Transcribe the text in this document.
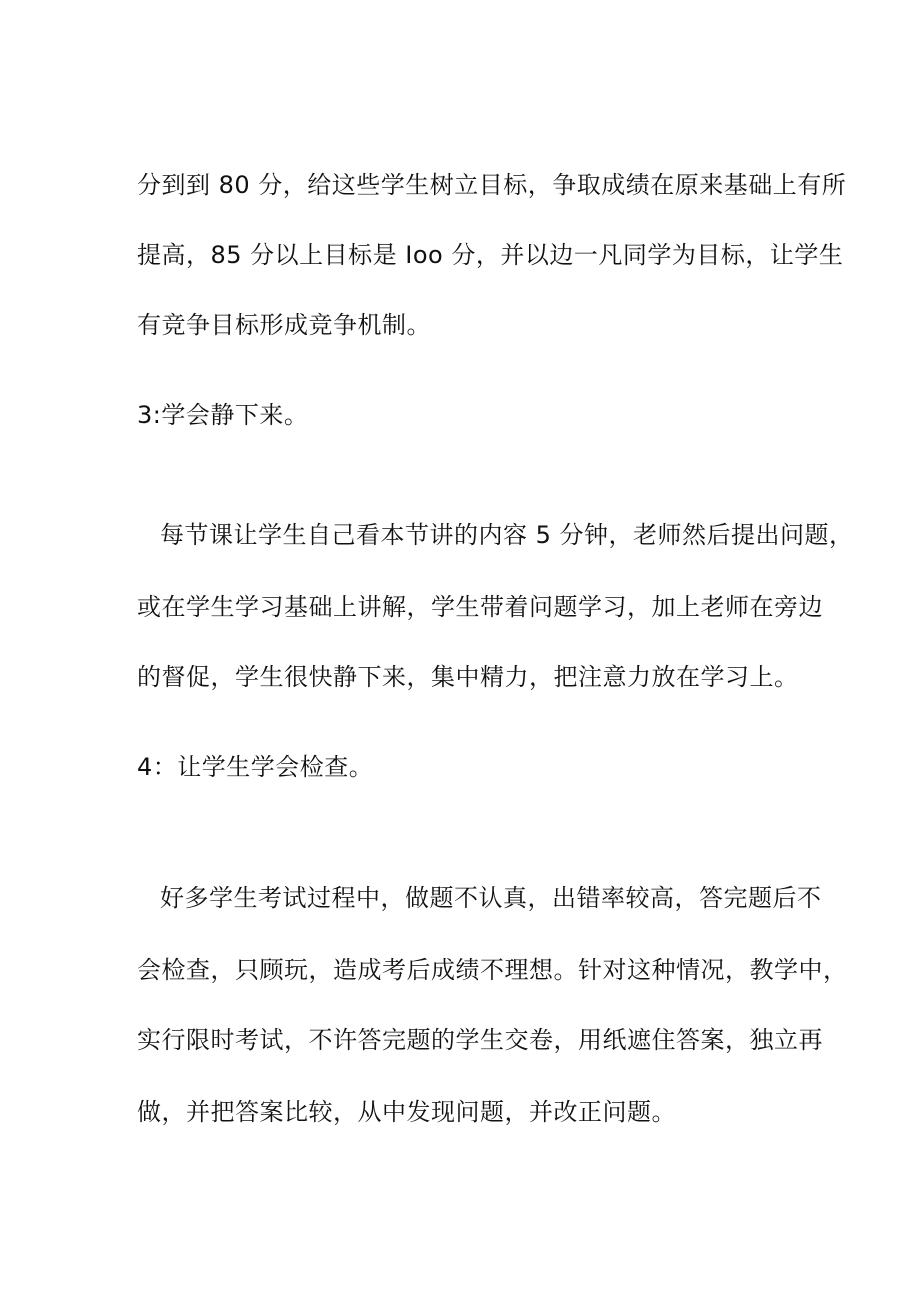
分到到 80 分，给这些学生树立目标，争取成绩在原来基础上有所
提高，85 分以上目标是 Ioo 分，并以边一凡同学为目标，让学生
有竞争目标形成竞争机制。
3:学会静下来。
每节课让学生自己看本节讲的内容 5 分钟，老师然后提出问题，
或在学生学习基础上讲解，学生带着问题学习，加上老师在旁边
的督促，学生很快静下来，集中精力，把注意力放在学习上。
4：让学生学会检查。
好多学生考试过程中，做题不认真，出错率较高，答完题后不
会检查，只顾玩，造成考后成绩不理想。针对这种情况，教学中，
实行限时考试，不许答完题的学生交卷，用纸遮住答案，独立再
做，并把答案比较，从中发现问题，并改正问题。
